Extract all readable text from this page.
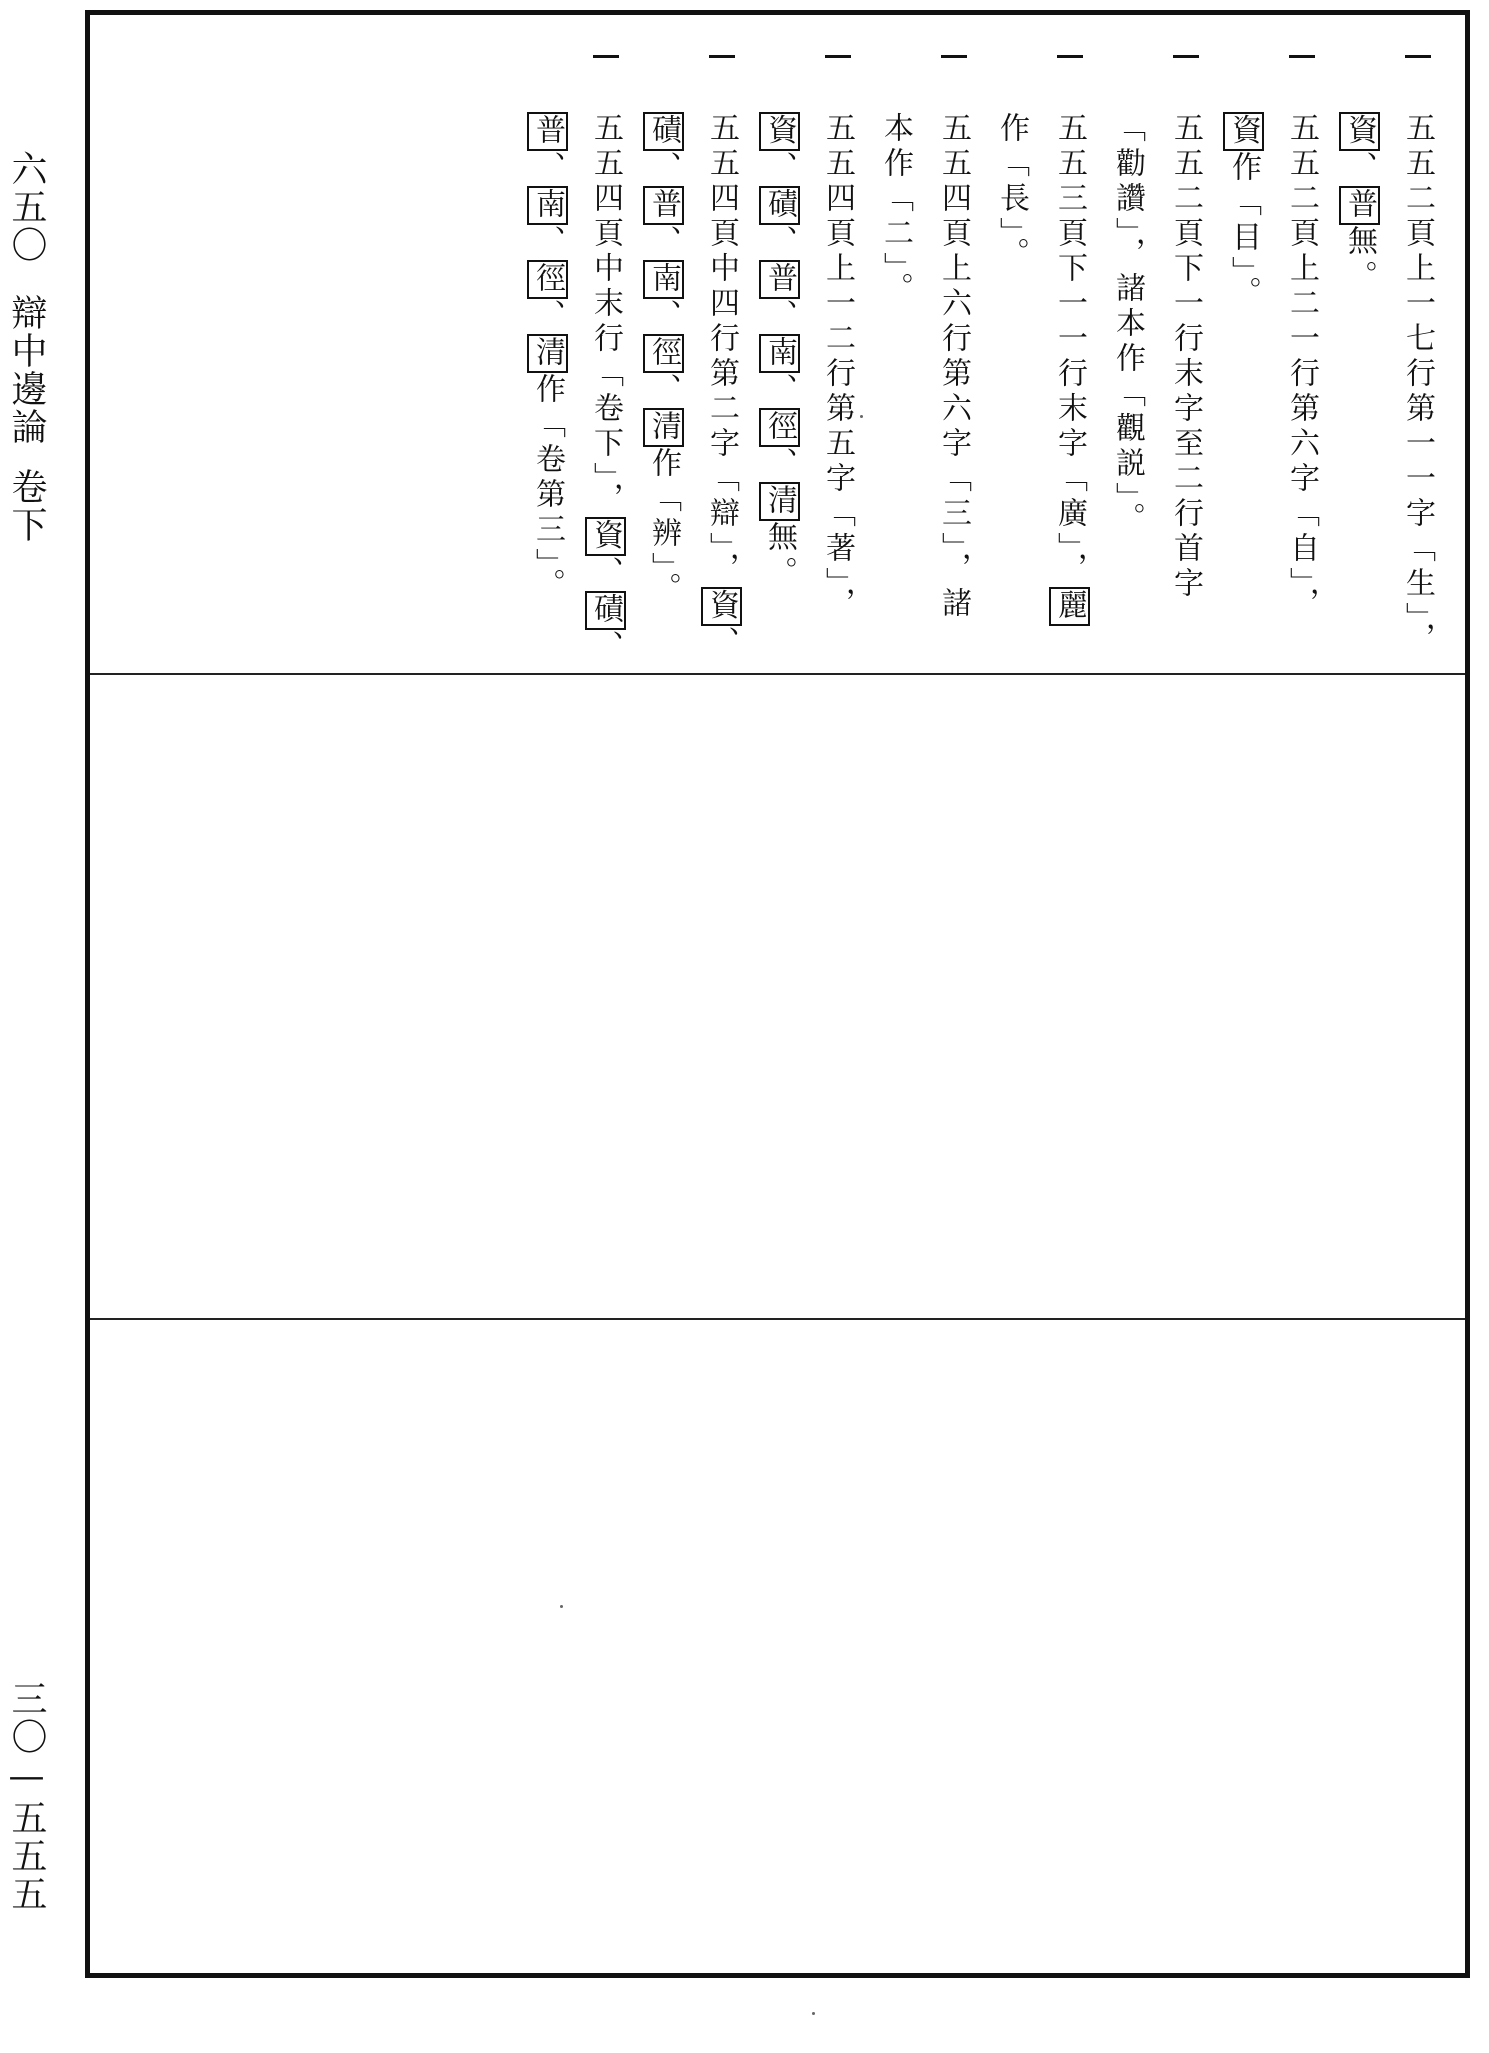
六五〇
辯中邊論
卷下
三〇—五五五
五五二頁上一七行第一一字「生」，
資、普無。
五五二頁上二一行第六字「自」，
資作「目」。
五五二頁下一行末字至二行首字
「勸讚」，諸本作「觀説」。
五五三頁下一一行末字「廣」，麗
作「長」。
五五四頁上六行第六字「三」，諸
本作「二」。
五五四頁上一二行第五字「著」，
資、磧、普、南、徑、清無。
五五四頁中四行第二字「辯」，資、
磧、普、南、徑、清作「辨」。
五五四頁中末行「卷下」，資、磧、
普、南、徑、清作「卷第三」。
